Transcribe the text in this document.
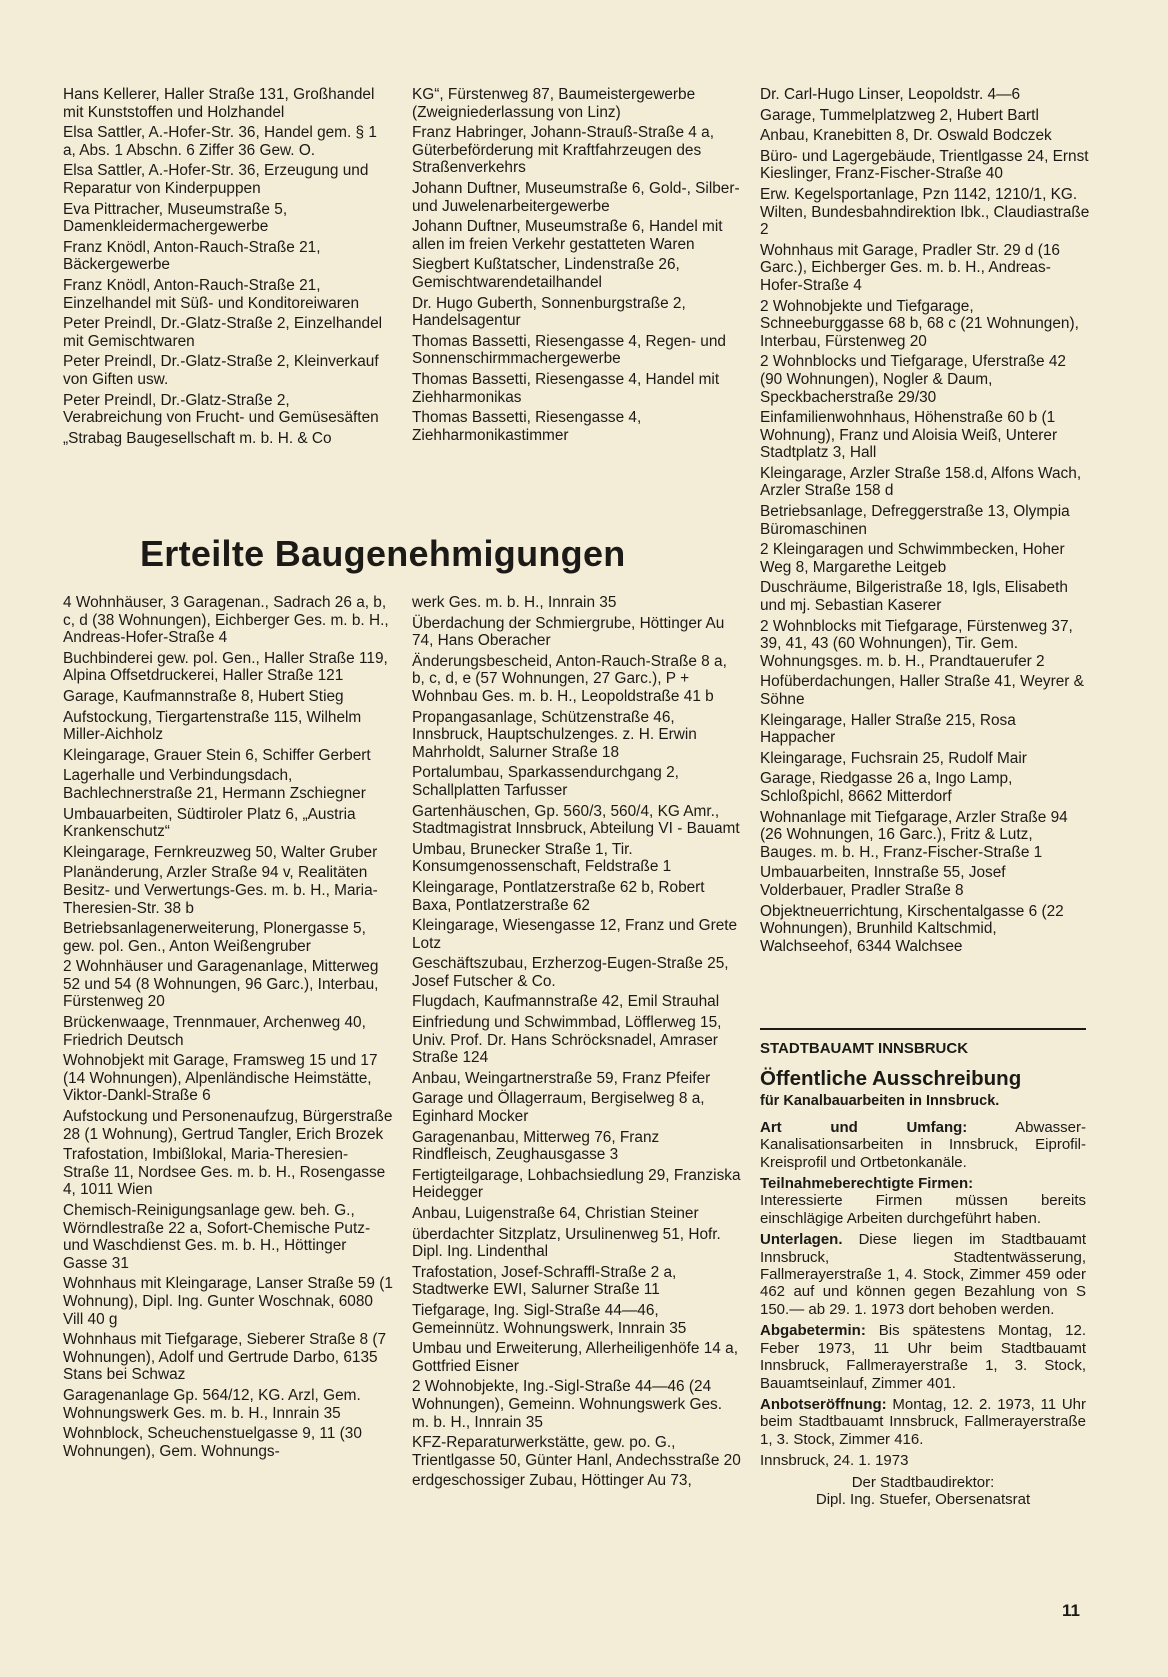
Hans Kellerer, Haller Straße 131, Großhandel mit Kunststoffen und Holzhandel

Elsa Sattler, A.-Hofer-Str. 36, Handel gem. § 1 a, Abs. 1 Abschn. 6 Ziffer 36 Gew. O.

Elsa Sattler, A.-Hofer-Str. 36, Erzeugung und Reparatur von Kinderpuppen

Eva Pittracher, Museumstraße 5, Damenkleidermachergewerbe

Franz Knödl, Anton-Rauch-Straße 21, Bäckergewerbe

Franz Knödl, Anton-Rauch-Straße 21, Einzelhandel mit Süß- und Konditoreiwaren

Peter Preindl, Dr.-Glatz-Straße 2, Einzelhandel mit Gemischtwaren

Peter Preindl, Dr.-Glatz-Straße 2, Kleinverkauf von Giften usw.

Peter Preindl, Dr.-Glatz-Straße 2, Verabreichung von Frucht- und Gemüsesäften

„Strabag Baugesellschaft m. b. H. & Co

KG“, Fürstenweg 87, Baumeistergewerbe (Zweigniederlassung von Linz)

Franz Habringer, Johann-Strauß-Straße 4 a, Güterbeförderung mit Kraftfahrzeugen des Straßenverkehrs

Johann Duftner, Museumstraße 6, Gold-, Silber- und Juwelenarbeitergewerbe

Johann Duftner, Museumstraße 6, Handel mit allen im freien Verkehr gestatteten Waren

Siegbert Kußtatscher, Lindenstraße 26, Gemischtwarendetailhandel

Dr. Hugo Guberth, Sonnenburgstraße 2, Handelsagentur

Thomas Bassetti, Riesengasse 4, Regen- und Sonnenschirmmachergewerbe

Thomas Bassetti, Riesengasse 4, Handel mit Ziehharmonikas

Thomas Bassetti, Riesengasse 4, Ziehharmonikastimmer

Dr. Carl-Hugo Linser, Leopoldstr. 4—6

Garage, Tummelplatzweg 2, Hubert Bartl

Anbau, Kranebitten 8, Dr. Oswald Bodczek

Büro- und Lagergebäude, Trientlgasse 24, Ernst Kieslinger, Franz-Fischer-Straße 40

Erw. Kegelsportanlage, Pzn 1142, 1210/1, KG. Wilten, Bundesbahndirektion Ibk., Claudiastraße 2

Wohnhaus mit Garage, Pradler Str. 29 d (16 Garc.), Eichberger Ges. m. b. H., Andreas-Hofer-Straße 4

2 Wohnobjekte und Tiefgarage, Schneeburggasse 68 b, 68 c (21 Wohnungen), Interbau, Fürstenweg 20

2 Wohnblocks und Tiefgarage, Uferstraße 42 (90 Wohnungen), Nogler & Daum, Speckbacherstraße 29/30

Einfamilienwohnhaus, Höhenstraße 60 b (1 Wohnung), Franz und Aloisia Weiß, Unterer Stadtplatz 3, Hall

Kleingarage, Arzler Straße 158.d, Alfons Wach, Arzler Straße 158 d

Betriebsanlage, Defreggerstraße 13, Olympia Büromaschinen

2 Kleingaragen und Schwimmbecken, Hoher Weg 8, Margarethe Leitgeb

Duschräume, Bilgeristraße 18, Igls, Elisabeth und mj. Sebastian Kaserer

2 Wohnblocks mit Tiefgarage, Fürstenweg 37, 39, 41, 43 (60 Wohnungen), Tir. Gem. Wohnungsges. m. b. H., Prandtauerufer 2

Hofüberdachungen, Haller Straße 41, Weyrer & Söhne

Kleingarage, Haller Straße 215, Rosa Happacher

Kleingarage, Fuchsrain 25, Rudolf Mair

Garage, Riedgasse 26 a, Ingo Lamp, Schloßpichl, 8662 Mitterdorf

Wohnanlage mit Tiefgarage, Arzler Straße 94 (26 Wohnungen, 16 Garc.), Fritz & Lutz, Bauges. m. b. H., Franz-Fischer-Straße 1

Umbauarbeiten, Innstraße 55, Josef Volderbauer, Pradler Straße 8

Objektneuerrichtung, Kirschentalgasse 6 (22 Wohnungen), Brunhild Kaltschmid, Walchseehof, 6344 Walchsee

Erteilte Baugenehmigungen

4 Wohnhäuser, 3 Garagenan., Sadrach 26 a, b, c, d (38 Wohnungen), Eichberger Ges. m. b. H., Andreas-Hofer-Straße 4

Buchbinderei gew. pol. Gen., Haller Straße 119, Alpina Offsetdruckerei, Haller Straße 121

Garage, Kaufmannstraße 8, Hubert Stieg

Aufstockung, Tiergartenstraße 115, Wilhelm Miller-Aichholz

Kleingarage, Grauer Stein 6, Schiffer Gerbert

Lagerhalle und Verbindungsdach, Bachlechnerstraße 21, Hermann Zschiegner

Umbauarbeiten, Südtiroler Platz 6, „Austria Krankenschutz“

Kleingarage, Fernkreuzweg 50, Walter Gruber

Planänderung, Arzler Straße 94 v, Realitäten Besitz- und Verwertungs-Ges. m. b. H., Maria-Theresien-Str. 38 b

Betriebsanlagenerweiterung, Plonergasse 5, gew. pol. Gen., Anton Weißengruber

2 Wohnhäuser und Garagenanlage, Mitterweg 52 und 54 (8 Wohnungen, 96 Garc.), Interbau, Fürstenweg 20

Brückenwaage, Trennmauer, Archenweg 40, Friedrich Deutsch

Wohnobjekt mit Garage, Framsweg 15 und 17 (14 Wohnungen), Alpenländische Heimstätte, Viktor-Dankl-Straße 6

Aufstockung und Personenaufzug, Bürgerstraße 28 (1 Wohnung), Gertrud Tangler, Erich Brozek

Trafostation, Imbißlokal, Maria-Theresien-Straße 11, Nordsee Ges. m. b. H., Rosengasse 4, 1011 Wien

Chemisch-Reinigungsanlage gew. beh. G., Wörndlestraße 22 a, Sofort-Chemische Putz- und Waschdienst Ges. m. b. H., Höttinger Gasse 31

Wohnhaus mit Kleingarage, Lanser Straße 59 (1 Wohnung), Dipl. Ing. Gunter Woschnak, 6080 Vill 40 g

Wohnhaus mit Tiefgarage, Sieberer Straße 8 (7 Wohnungen), Adolf und Gertrude Darbo, 6135 Stans bei Schwaz

Garagenanlage Gp. 564/12, KG. Arzl, Gem. Wohnungswerk Ges. m. b. H., Innrain 35

Wohnblock, Scheuchenstuelgasse 9, 11 (30 Wohnungen), Gem. Wohnungs-

werk Ges. m. b. H., Innrain 35

Überdachung der Schmiergrube, Höttinger Au 74, Hans Oberacher

Änderungsbescheid, Anton-Rauch-Straße 8 a, b, c, d, e (57 Wohnungen, 27 Garc.), P + Wohnbau Ges. m. b. H., Leopoldstraße 41 b

Propangasanlage, Schützenstraße 46, Innsbruck, Hauptschulzenges. z. H. Erwin Mahrholdt, Salurner Straße 18

Portalumbau, Sparkassendurchgang 2, Schallplatten Tarfusser

Gartenhäuschen, Gp. 560/3, 560/4, KG Amr., Stadtmagistrat Innsbruck, Abteilung VI - Bauamt

Umbau, Brunecker Straße 1, Tir. Konsumgenossenschaft, Feldstraße 1

Kleingarage, Pontlatzerstraße 62 b, Robert Baxa, Pontlatzerstraße 62

Kleingarage, Wiesengasse 12, Franz und Grete Lotz

Geschäftszubau, Erzherzog-Eugen-Straße 25, Josef Futscher & Co.

Flugdach, Kaufmannstraße 42, Emil Strauhal

Einfriedung und Schwimmbad, Löfflerweg 15, Univ. Prof. Dr. Hans Schröcksnadel, Amraser Straße 124

Anbau, Weingartnerstraße 59, Franz Pfeifer

Garage und Öllagerraum, Bergiselweg 8 a, Eginhard Mocker

Garagenanbau, Mitterweg 76, Franz Rindfleisch, Zeughausgasse 3

Fertigteilgarage, Lohbachsiedlung 29, Franziska Heidegger

Anbau, Luigenstraße 64, Christian Steiner

überdachter Sitzplatz, Ursulinenweg 51, Hofr. Dipl. Ing. Lindenthal

Trafostation, Josef-Schraffl-Straße 2 a, Stadtwerke EWI, Salurner Straße 11

Tiefgarage, Ing. Sigl-Straße 44—46, Gemeinnütz. Wohnungswerk, Innrain 35

Umbau und Erweiterung, Allerheiligenhöfe 14 a, Gottfried Eisner

2 Wohnobjekte, Ing.-Sigl-Straße 44—46 (24 Wohnungen), Gemeinn. Wohnungswerk Ges. m. b. H., Innrain 35

KFZ-Reparaturwerkstätte, gew. po. G., Trientlgasse 50, Günter Hanl, Andechsstraße 20

erdgeschossiger Zubau, Höttinger Au 73,

STADTBAUAMT INNSBRUCK

Öffentliche Ausschreibung

für Kanalbauarbeiten in Innsbruck.

Art und Umfang:	Abwasser-Kanalisationsarbeiten in Innsbruck, Eiprofil-Kreisprofil und Ortbetonkanäle.

Teilnahmeberechtigte Firmen:

Interessierte Firmen müssen bereits einschlägige Arbeiten durchgeführt haben.

Unterlagen. Diese liegen im Stadtbauamt Innsbruck, Stadtentwässerung, Fallmerayerstraße 1, 4. Stock, Zimmer 459 oder 462 auf und können gegen Bezahlung von S 150.— ab 29. 1. 1973 dort behoben werden.

Abgabetermin: Bis spätestens Montag, 12. Feber 1973, 11 Uhr beim Stadtbauamt Innsbruck, Fallmerayerstraße 1, 3. Stock, Bauamtseinlauf, Zimmer 401.

Anbotseröffnung: Montag, 12. 2. 1973, 11 Uhr beim Stadtbauamt Innsbruck, Fallmerayerstraße 1, 3. Stock, Zimmer 416.

Innsbruck, 24. 1. 1973

Der Stadtbaudirektor:

Dipl. Ing. Stuefer, Obersenatsrat

11
